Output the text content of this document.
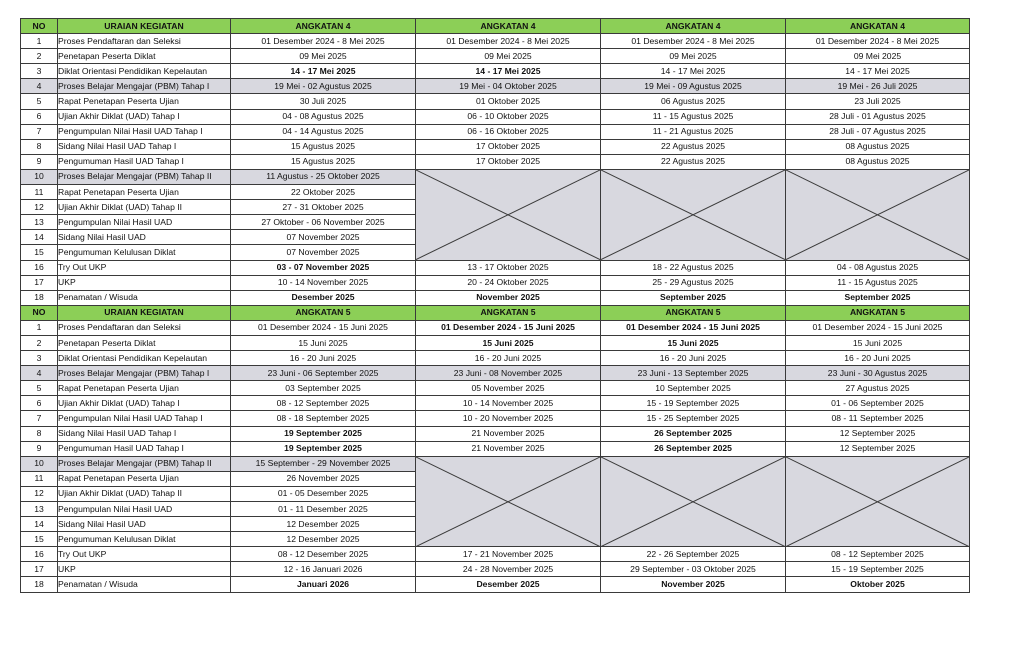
NO	URAIAN KEGIATAN	ANGKATAN 4	ANGKATAN 4	ANGKATAN 4	ANGKATAN 4
1	Proses Pendaftaran dan Seleksi	01 Desember 2024 - 8 Mei 2025	01 Desember 2024 - 8 Mei 2025	01 Desember 2024 - 8 Mei 2025	01 Desember 2024 - 8 Mei 2025
2	Penetapan Peserta Diklat	09 Mei 2025	09 Mei 2025	09 Mei 2025	09 Mei 2025
3	Diklat Orientasi Pendidikan Kepelautan	14 - 17 Mei 2025	14 - 17 Mei 2025	14 - 17 Mei 2025	14 - 17 Mei 2025
4	Proses Belajar Mengajar (PBM) Tahap I	19 Mei - 02 Agustus 2025	19 Mei - 04 Oktober 2025	19 Mei - 09 Agustus 2025	19 Mei - 26 Juli 2025
5	Rapat Penetapan Peserta Ujian	30 Juli 2025	01 Oktober 2025	06 Agustus 2025	23 Juli 2025
6	Ujian Akhir Diklat (UAD) Tahap I	04 - 08 Agustus 2025	06 - 10 Oktober 2025	11 - 15 Agustus 2025	28 Juli - 01 Agustus 2025
7	Pengumpulan Nilai Hasil UAD Tahap I	04 - 14 Agustus 2025	06 - 16 Oktober 2025	11 - 21 Agustus 2025	28 Juli - 07 Agustus 2025
8	Sidang Nilai Hasil UAD Tahap I	15 Agustus 2025	17 Oktober 2025	22 Agustus 2025	08 Agustus 2025
9	Pengumuman Hasil UAD Tahap I	15 Agustus 2025	17 Oktober 2025	22 Agustus 2025	08 Agustus 2025
10	Proses Belajar Mengajar (PBM) Tahap II	11 Agustus - 25 Oktober 2025	

11	Rapat Penetapan Peserta Ujian	22 Oktober 2025			
12	Ujian Akhir Diklat (UAD) Tahap II	27 - 31 Oktober 2025			
13	Pengumpulan Nilai Hasil UAD	27 Oktober - 06 November 2025			
14	Sidang Nilai Hasil UAD	07 November 2025			
15	Pengumuman Kelulusan Diklat	07 November 2025			
16	Try Out UKP	03 - 07 November 2025	13 - 17 Oktober 2025	18 - 22 Agustus 2025	04 - 08 Agustus 2025
17	UKP	10 - 14 November 2025	20 - 24 Oktober 2025	25 - 29 Agustus 2025	11 - 15 Agustus 2025
18	Penamatan / Wisuda	Desember 2025	November 2025	September 2025	September 2025
NO	URAIAN KEGIATAN	ANGKATAN 5	ANGKATAN 5	ANGKATAN 5	ANGKATAN 5
1	Proses Pendaftaran dan Seleksi	01 Desember 2024 - 15 Juni 2025	01 Desember 2024 - 15 Juni 2025	01 Desember 2024 - 15 Juni 2025	01 Desember 2024 - 15 Juni 2025
2	Penetapan Peserta Diklat	15 Juni 2025	15 Juni 2025	15 Juni 2025	15 Juni 2025
3	Diklat Orientasi Pendidikan Kepelautan	16 - 20 Juni 2025	16 - 20 Juni 2025	16 - 20 Juni 2025	16 - 20 Juni 2025
4	Proses Belajar Mengajar (PBM) Tahap I	23 Juni - 06 September 2025	23 Juni - 08 November 2025	23 Juni - 13 September 2025	23 Juni - 30 Agustus 2025
5	Rapat Penetapan Peserta Ujian	03 September 2025	05 November 2025	10 September 2025	27 Agustus 2025
6	Ujian Akhir Diklat (UAD) Tahap I	08 - 12 September 2025	10 - 14 November 2025	15 - 19 September 2025	01 - 06 September 2025
7	Pengumpulan Nilai Hasil UAD Tahap I	08 - 18 September 2025	10 - 20 November 2025	15 - 25 September 2025	08 - 11 September 2025
8	Sidang Nilai Hasil UAD Tahap I	19 September 2025	21 November 2025	26 September 2025	12 September 2025
9	Pengumuman Hasil UAD Tahap I	19 September 2025	21 November 2025	26 September 2025	12 September 2025
10	Proses Belajar Mengajar (PBM) Tahap II	15 September - 29 November 2025	

11	Rapat Penetapan Peserta Ujian	26 November 2025			
12	Ujian Akhir Diklat (UAD) Tahap II	01 - 05 Desember 2025			
13	Pengumpulan Nilai Hasil UAD	01 - 11 Desember 2025			
14	Sidang Nilai Hasil UAD	12 Desember 2025			
15	Pengumuman Kelulusan Diklat	12 Desember 2025			
16	Try Out UKP	08 - 12 Desember 2025	17 - 21 November 2025	22 - 26 September 2025	08 - 12 September 2025
17	UKP	12 - 16 Januari 2026	24 - 28 November 2025	29 September - 03 Oktober 2025	15 - 19 September 2025
18	Penamatan / Wisuda	Januari 2026	Desember 2025	November 2025	Oktober 2025
